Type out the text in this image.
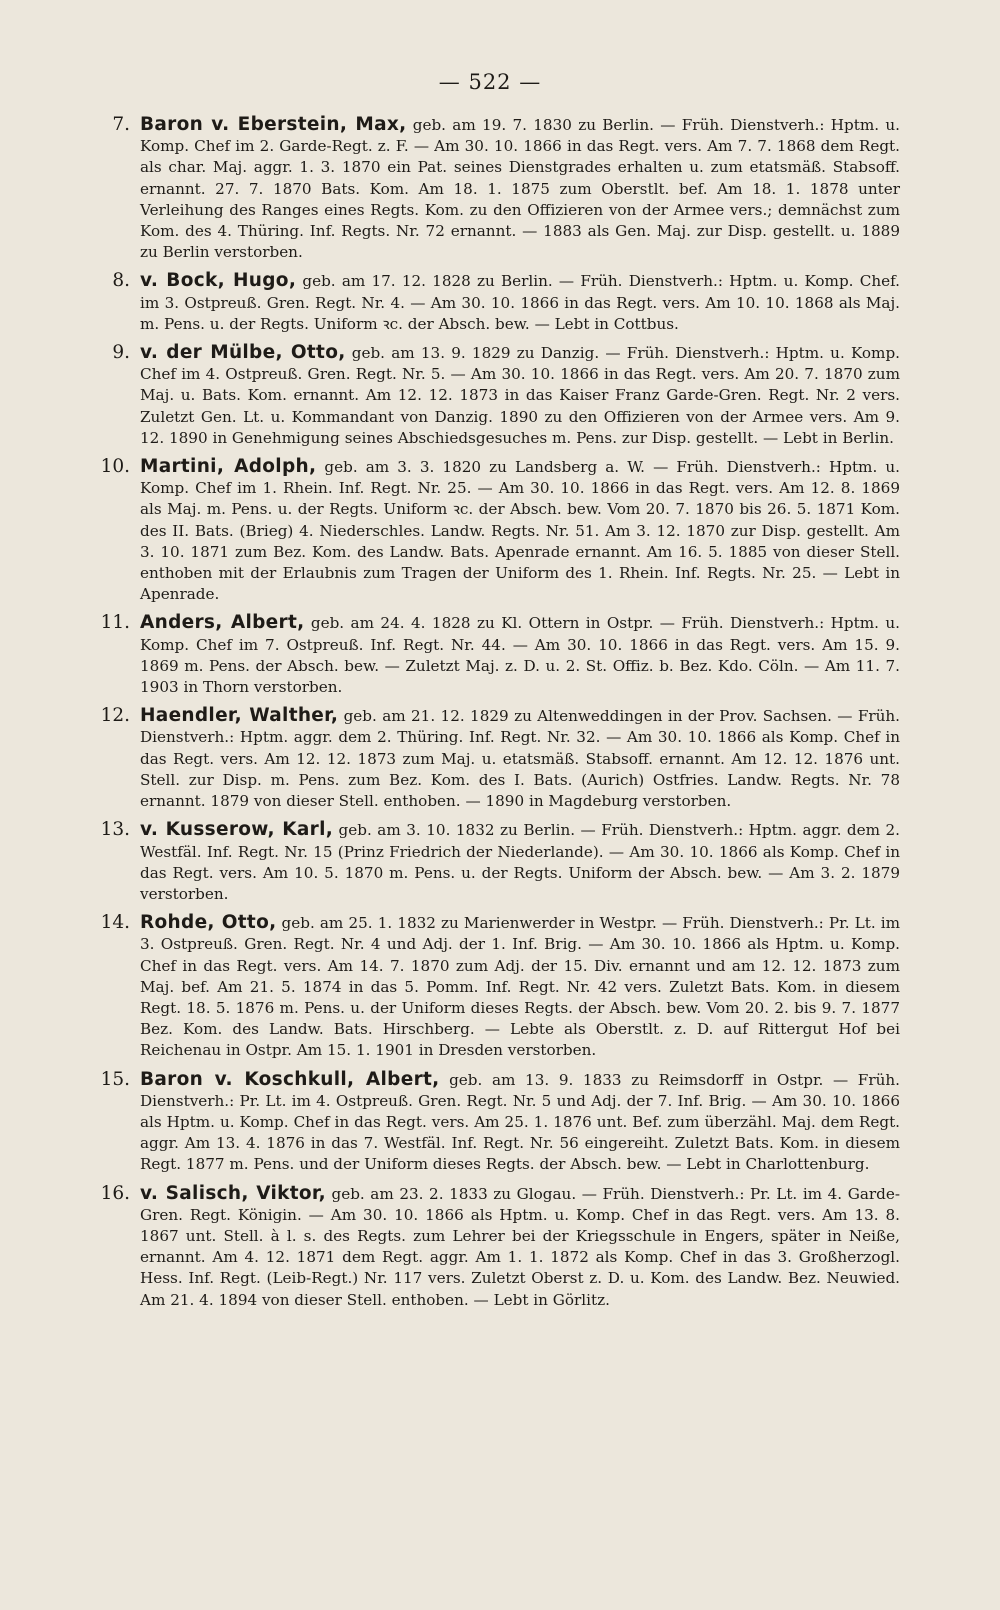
— 522 —
7. Baron v. Eberstein, Max, geb. am 19. 7. 1830 zu Berlin. — Früh. Dienstverh.: Hptm. u. Komp. Chef im 2. Garde-Regt. z. F. — Am 30. 10. 1866 in das Regt. vers. Am 7. 7. 1868 dem Regt. als char. Maj. aggr. 1. 3. 1870 ein Pat. seines Dienstgrades erhalten u. zum etatsmäß. Stabsoff. ernannt. 27. 7. 1870 Bats. Kom. Am 18. 1. 1875 zum Oberstlt. bef. Am 18. 1. 1878 unter Verleihung des Ranges eines Regts. Kom. zu den Offizieren von der Armee vers.; demnächst zum Kom. des 4. Thüring. Inf. Regts. Nr. 72 ernannt. — 1883 als Gen. Maj. zur Disp. gestellt. u. 1889 zu Berlin verstorben.

8. v. Bock, Hugo, geb. am 17. 12. 1828 zu Berlin. — Früh. Dienstverh.: Hptm. u. Komp. Chef. im 3. Ostpreuß. Gren. Regt. Nr. 4. — Am 30. 10. 1866 in das Regt. vers. Am 10. 10. 1868 als Maj. m. Pens. u. der Regts. Uniform ꝛc. der Absch. bew. — Lebt in Cottbus.

9. v. der Mülbe, Otto, geb. am 13. 9. 1829 zu Danzig. — Früh. Dienstverh.: Hptm. u. Komp. Chef im 4. Ostpreuß. Gren. Regt. Nr. 5. — Am 30. 10. 1866 in das Regt. vers. Am 20. 7. 1870 zum Maj. u. Bats. Kom. ernannt. Am 12. 12. 1873 in das Kaiser Franz Garde-Gren. Regt. Nr. 2 vers. Zuletzt Gen. Lt. u. Kommandant von Danzig. 1890 zu den Offizieren von der Armee vers. Am 9. 12. 1890 in Genehmigung seines Abschiedsgesuches m. Pens. zur Disp. gestellt. — Lebt in Berlin.

10. Martini, Adolph, geb. am 3. 3. 1820 zu Landsberg a. W. — Früh. Dienstverh.: Hptm. u. Komp. Chef im 1. Rhein. Inf. Regt. Nr. 25. — Am 30. 10. 1866 in das Regt. vers. Am 12. 8. 1869 als Maj. m. Pens. u. der Regts. Uniform ꝛc. der Absch. bew. Vom 20. 7. 1870 bis 26. 5. 1871 Kom. des II. Bats. (Brieg) 4. Niederschles. Landw. Regts. Nr. 51. Am 3. 12. 1870 zur Disp. gestellt. Am 3. 10. 1871 zum Bez. Kom. des Landw. Bats. Apenrade ernannt. Am 16. 5. 1885 von dieser Stell. enthoben mit der Erlaubnis zum Tragen der Uniform des 1. Rhein. Inf. Regts. Nr. 25. — Lebt in Apenrade.

11. Anders, Albert, geb. am 24. 4. 1828 zu Kl. Ottern in Ostpr. — Früh. Dienstverh.: Hptm. u. Komp. Chef im 7. Ostpreuß. Inf. Regt. Nr. 44. — Am 30. 10. 1866 in das Regt. vers. Am 15. 9. 1869 m. Pens. der Absch. bew. — Zuletzt Maj. z. D. u. 2. St. Offiz. b. Bez. Kdo. Cöln. — Am 11. 7. 1903 in Thorn verstorben.

12. Haendler, Walther, geb. am 21. 12. 1829 zu Altenweddingen in der Prov. Sachsen. — Früh. Dienstverh.: Hptm. aggr. dem 2. Thüring. Inf. Regt. Nr. 32. — Am 30. 10. 1866 als Komp. Chef in das Regt. vers. Am 12. 12. 1873 zum Maj. u. etatsmäß. Stabsoff. ernannt. Am 12. 12. 1876 unt. Stell. zur Disp. m. Pens. zum Bez. Kom. des I. Bats. (Aurich) Ostfries. Landw. Regts. Nr. 78 ernannt. 1879 von dieser Stell. enthoben. — 1890 in Magdeburg verstorben.

13. v. Kusserow, Karl, geb. am 3. 10. 1832 zu Berlin. — Früh. Dienstverh.: Hptm. aggr. dem 2. Westfäl. Inf. Regt. Nr. 15 (Prinz Friedrich der Niederlande). — Am 30. 10. 1866 als Komp. Chef in das Regt. vers. Am 10. 5. 1870 m. Pens. u. der Regts. Uniform der Absch. bew. — Am 3. 2. 1879 verstorben.

14. Rohde, Otto, geb. am 25. 1. 1832 zu Marienwerder in Westpr. — Früh. Dienstverh.: Pr. Lt. im 3. Ostpreuß. Gren. Regt. Nr. 4 und Adj. der 1. Inf. Brig. — Am 30. 10. 1866 als Hptm. u. Komp. Chef in das Regt. vers. Am 14. 7. 1870 zum Adj. der 15. Div. ernannt und am 12. 12. 1873 zum Maj. bef. Am 21. 5. 1874 in das 5. Pomm. Inf. Regt. Nr. 42 vers. Zuletzt Bats. Kom. in diesem Regt. 18. 5. 1876 m. Pens. u. der Uniform dieses Regts. der Absch. bew. Vom 20. 2. bis 9. 7. 1877 Bez. Kom. des Landw. Bats. Hirschberg. — Lebte als Oberstlt. z. D. auf Rittergut Hof bei Reichenau in Ostpr. Am 15. 1. 1901 in Dresden verstorben.

15. Baron v. Koschkull, Albert, geb. am 13. 9. 1833 zu Reimsdorff in Ostpr. — Früh. Dienstverh.: Pr. Lt. im 4. Ostpreuß. Gren. Regt. Nr. 5 und Adj. der 7. Inf. Brig. — Am 30. 10. 1866 als Hptm. u. Komp. Chef in das Regt. vers. Am 25. 1. 1876 unt. Bef. zum überzähl. Maj. dem Regt. aggr. Am 13. 4. 1876 in das 7. Westfäl. Inf. Regt. Nr. 56 eingereiht. Zuletzt Bats. Kom. in diesem Regt. 1877 m. Pens. und der Uniform dieses Regts. der Absch. bew. — Lebt in Charlottenburg.

16. v. Salisch, Viktor, geb. am 23. 2. 1833 zu Glogau. — Früh. Dienstverh.: Pr. Lt. im 4. Garde-Gren. Regt. Königin. — Am 30. 10. 1866 als Hptm. u. Komp. Chef in das Regt. vers. Am 13. 8. 1867 unt. Stell. à l. s. des Regts. zum Lehrer bei der Kriegsschule in Engers, später in Neiße, ernannt. Am 4. 12. 1871 dem Regt. aggr. Am 1. 1. 1872 als Komp. Chef in das 3. Großherzogl. Hess. Inf. Regt. (Leib-Regt.) Nr. 117 vers. Zuletzt Oberst z. D. u. Kom. des Landw. Bez. Neuwied. Am 21. 4. 1894 von dieser Stell. enthoben. — Lebt in Görlitz.
